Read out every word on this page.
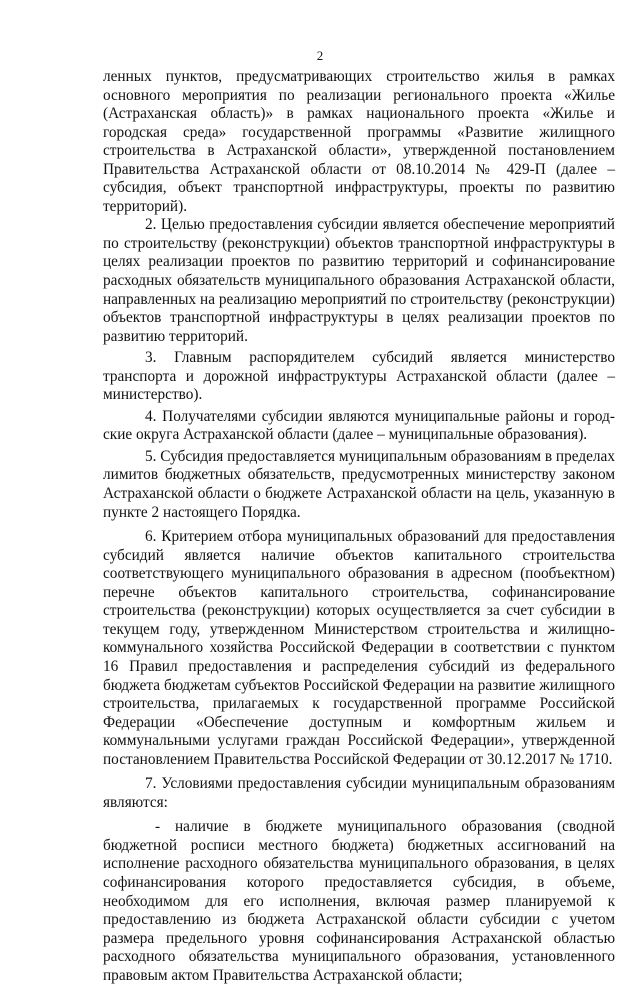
2

ленных пунктов, предусматривающих строительство жилья в рамках основного мероприятия по реализации регионального проекта «Жилье (Астраханская область)» в рамках национального проекта «Жилье и городская среда» государственной программы «Развитие жилищного строительства в Астраханской области», утвержденной постановлением Правительства Астраханской области от 08.10.2014 № 429-П (далее – субсидия, объект транспортной инфраструктуры, проекты по развитию территорий).

2. Целью предоставления субсидии является обеспечение мероприятий по строительству (реконструкции) объектов транспортной инфраструктуры в целях реализации проектов по развитию территорий и софинансирование расходных обязательств муниципального образования Астраханской области, направленных на реализацию мероприятий по строительству (реконструкции) объектов транспортной инфраструктуры в целях реализации проектов по развитию территорий.

3. Главным распорядителем субсидий является министерство транспорта и дорожной инфраструктуры Астраханской области (далее – министерство).

4. Получателями субсидии являются муниципальные районы и городские округа Астраханской области (далее – муниципальные образования).

5. Субсидия предоставляется муниципальным образованиям в пределах лимитов бюджетных обязательств, предусмотренных министерству законом Астраханской области о бюджете Астраханской области на цель, указанную в пункте 2 настоящего Порядка.

6. Критерием отбора муниципальных образований для предоставления субсидий является наличие объектов капитального строительства соответствующего муниципального образования в адресном (пообъектном) перечне объектов капитального строительства, софинансирование строительства (реконструкции) которых осуществляется за счет субсидии в текущем году, утвержденном Министерством строительства и жилищно-коммунального хозяйства Российской Федерации в соответствии с пунктом 16 Правил предоставления и распределения субсидий из федерального бюджета бюджетам субъектов Российской Федерации на развитие жилищного строительства, прилагаемых к государственной программе Российской Федерации «Обеспечение доступным и комфортным жильем и коммунальными услугами граждан Российской Федерации», утвержденной постановлением Правительства Российской Федерации от 30.12.2017 № 1710.

7. Условиями предоставления субсидии муниципальным образованиям являются:

- наличие в бюджете муниципального образования (сводной бюджетной росписи местного бюджета) бюджетных ассигнований на исполнение расходного обязательства муниципального образования, в целях софинансирования которого предоставляется субсидия, в объеме, необходимом для его исполнения, включая размер планируемой к предоставлению из бюджета Астраханской области субсидии с учетом размера предельного уровня софинансирования Астраханской областью расходного обязательства муниципального образования, установленного правовым актом Правительства Астраханской области;
